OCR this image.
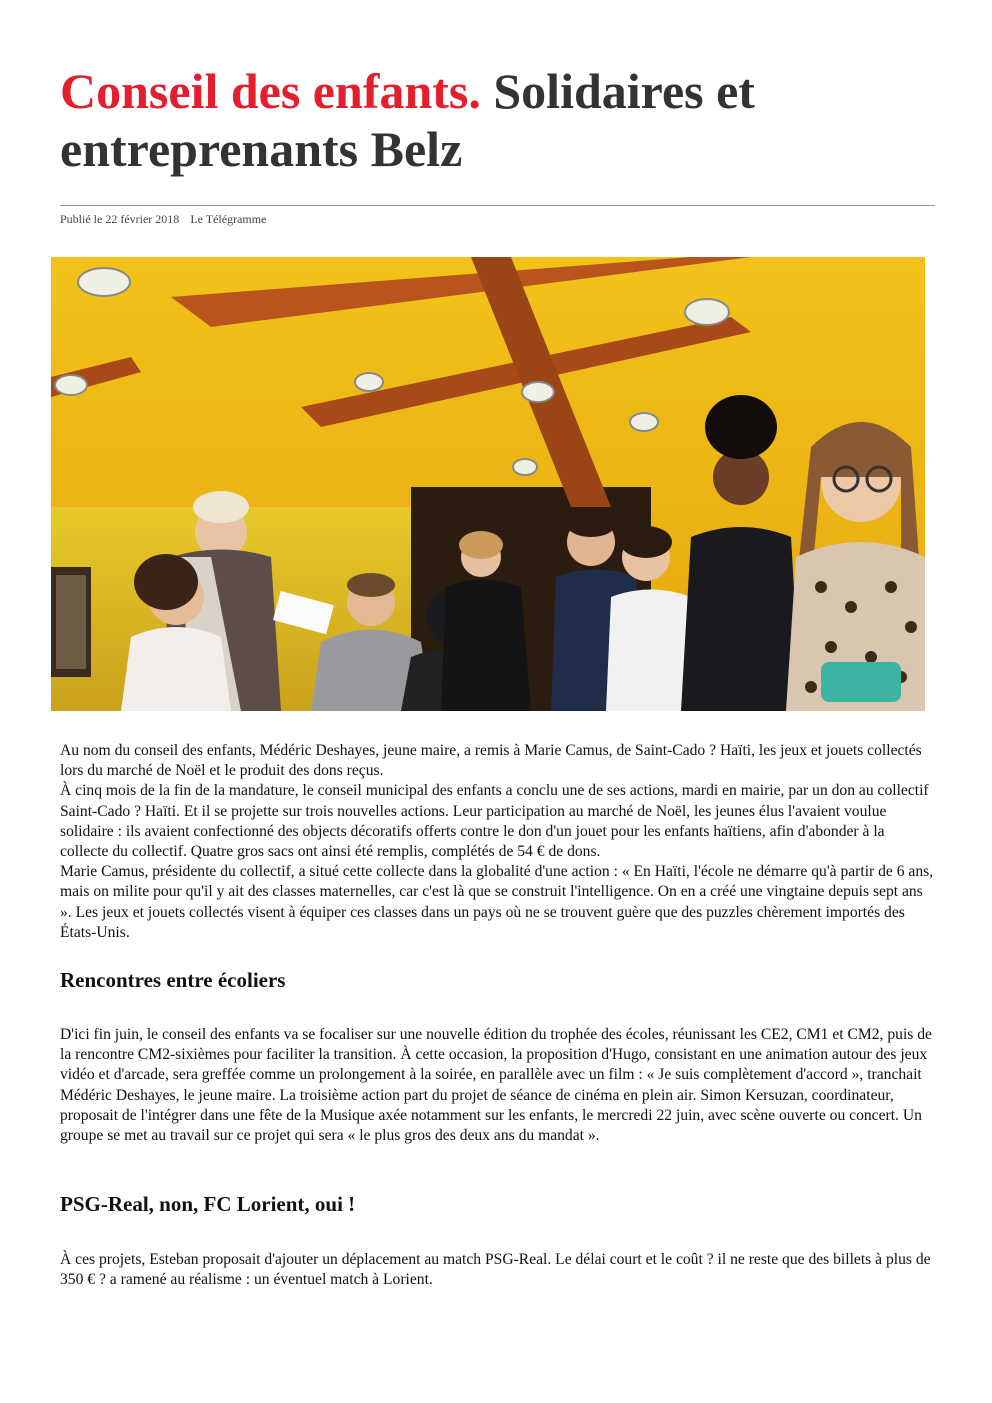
Conseil des enfants. Solidaires et entreprenants Belz
Publié le 22 février 2018 Le Télégramme

Au nom du conseil des enfants, Médéric Deshayes, jeune maire, a remis à Marie Camus, de Saint-Cado ? Haïti, les jeux et jouets collectés lors du marché de Noël et le produit des dons reçus.

À cinq mois de la fin de la mandature, le conseil municipal des enfants a conclu une de ses actions, mardi en mairie, par un don au collectif Saint-Cado ? Haïti. Et il se projette sur trois nouvelles actions. Leur participation au marché de Noël, les jeunes élus l'avaient voulue solidaire : ils avaient confectionné des objects décoratifs offerts contre le don d'un jouet pour les enfants haïtiens, afin d'abonder à la collecte du collectif. Quatre gros sacs ont ainsi été remplis, complétés de 54 € de dons.

Marie Camus, présidente du collectif, a situé cette collecte dans la globalité d'une action : « En Haïti, l'école ne démarre qu'à partir de 6 ans, mais on milite pour qu'il y ait des classes maternelles, car c'est là que se construit l'intelligence. On en a créé une vingtaine depuis sept ans ». Les jeux et jouets collectés visent à équiper ces classes dans un pays où ne se trouvent guère que des puzzles chèrement importés des États-Unis.

Rencontres entre écoliers

D'ici fin juin, le conseil des enfants va se focaliser sur une nouvelle édition du trophée des écoles, réunissant les CE2, CM1 et CM2, puis de la rencontre CM2-sixièmes pour faciliter la transition. À cette occasion, la proposition d'Hugo, consistant en une animation autour des jeux vidéo et d'arcade, sera greffée comme un prolongement à la soirée, en parallèle avec un film : « Je suis complètement d'accord », tranchait Médéric Deshayes, le jeune maire. La troisième action part du projet de séance de cinéma en plein air. Simon Kersuzan, coordinateur, proposait de l'intégrer dans une fête de la Musique axée notamment sur les enfants, le mercredi 22 juin, avec scène ouverte ou concert. Un groupe se met au travail sur ce projet qui sera « le plus gros des deux ans du mandat ».

PSG-Real, non, FC Lorient, oui !

À ces projets, Esteban proposait d'ajouter un déplacement au match PSG-Real. Le délai court et le coût ? il ne reste que des billets à plus de 350 € ? a ramené au réalisme : un éventuel match à Lorient.
